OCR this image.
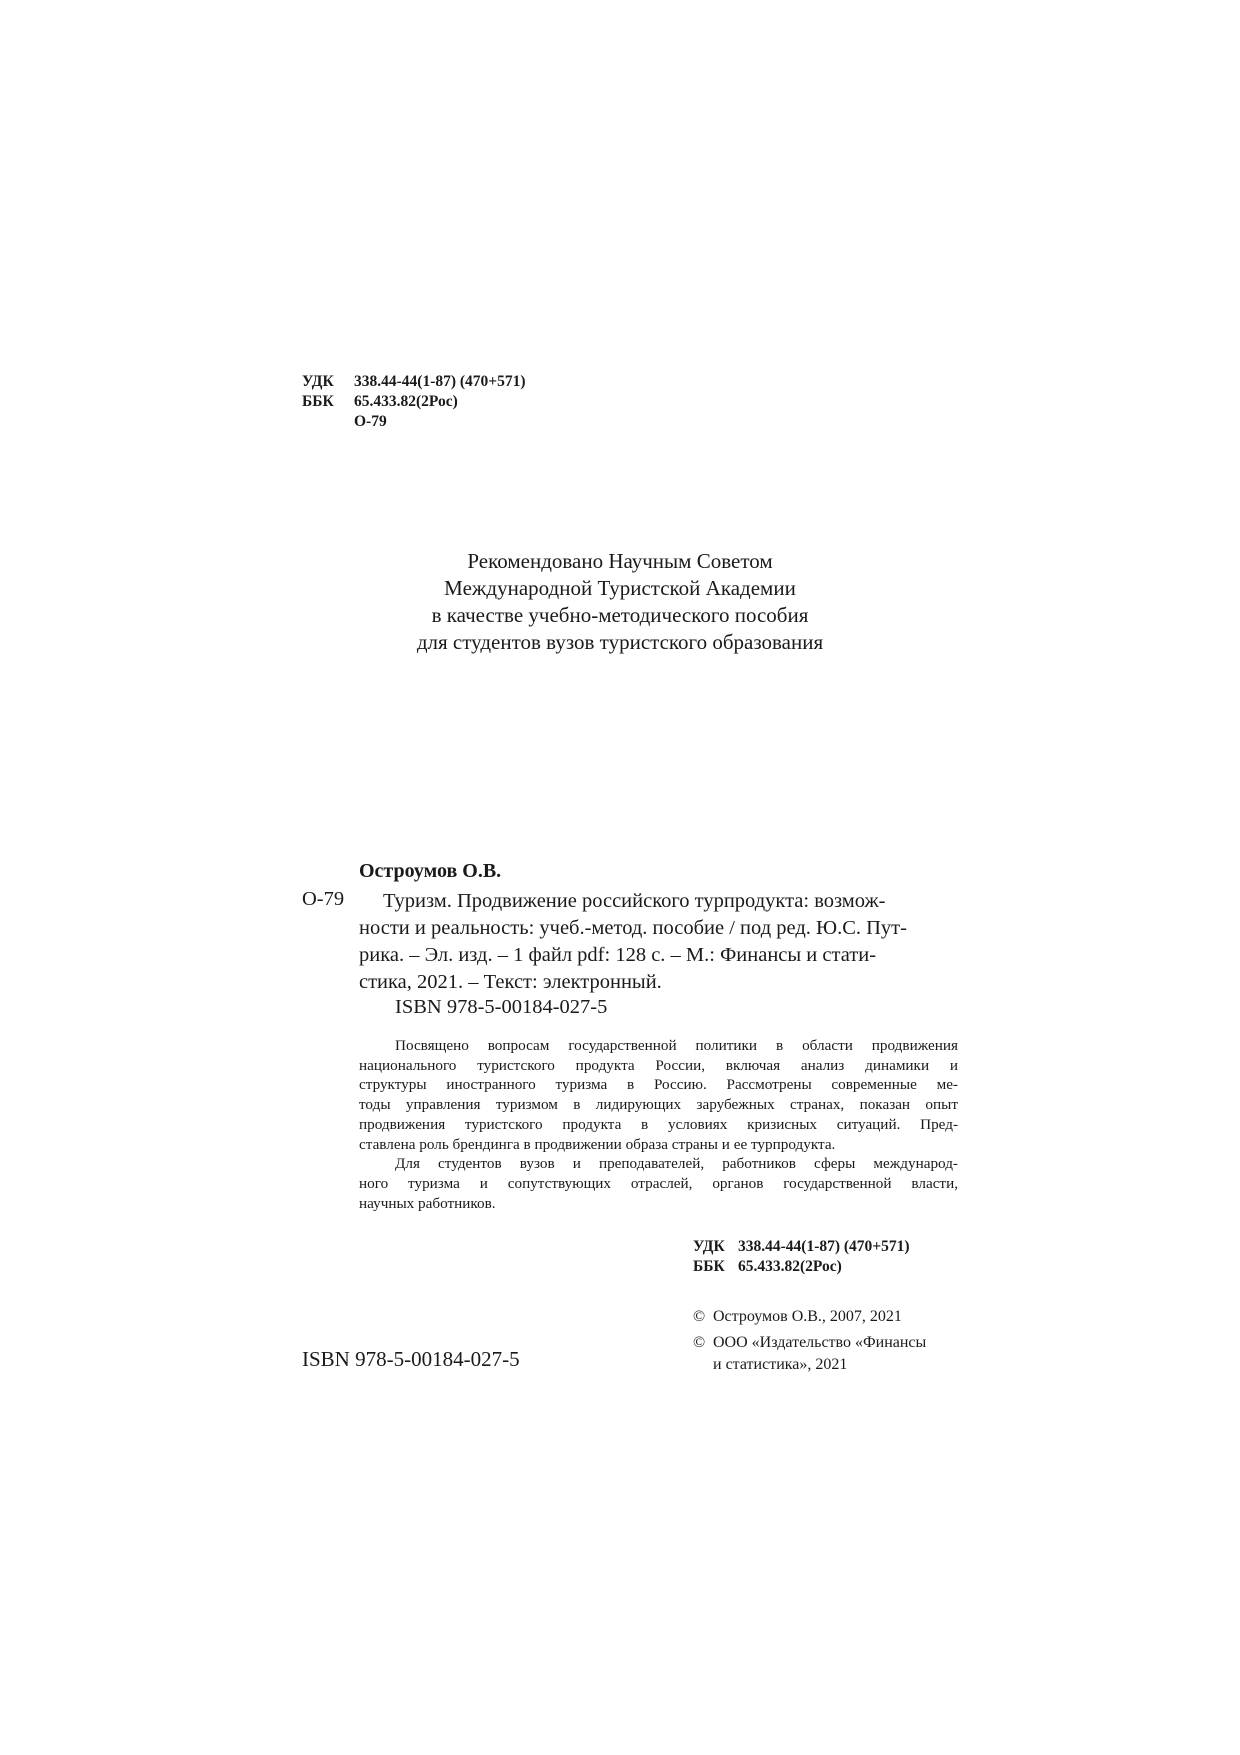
УДК 338.44-44(1-87) (470+571)
ББК 65.433.82(2Рос)
О-79
Рекомендовано Научным Советом
Международной Туристской Академии
в качестве учебно-методического пособия
для студентов вузов туристского образования
Остроумов О.В.
О-79 Туризм. Продвижение российского турпродукта: возмож-
ности и реальность: учеб.-метод. пособие / под ред. Ю.С. Пут-
рика. – Эл. изд. – 1 файл pdf: 128 с. – М.: Финансы и стати-
стика, 2021. – Текст: электронный.
ISBN 978-5-00184-027-5

Посвящено вопросам государственной политики в области продвижения

национального туристского продукта России, включая анализ динамики и

структуры иностранного туризма в Россию. Рассмотрены современные ме-

тоды управления туризмом в лидирующих зарубежных странах, показан опыт

продвижения туристского продукта в условиях кризисных ситуаций. Пред-

ставлена роль брендинга в продвижении образа страны и ее турпродукта.

Для студентов вузов и преподавателей, работников сферы международ-

ного туризма и сопутствующих отраслей, органов государственной власти,

научных работников.

УДК 338.44-44(1-87) (470+571)
ББК 65.433.82(2Рос)
© Остроумов О.В., 2007, 2021
© ООО «Издательство «Финансы
и статистика», 2021
ISBN 978-5-00184-027-5
